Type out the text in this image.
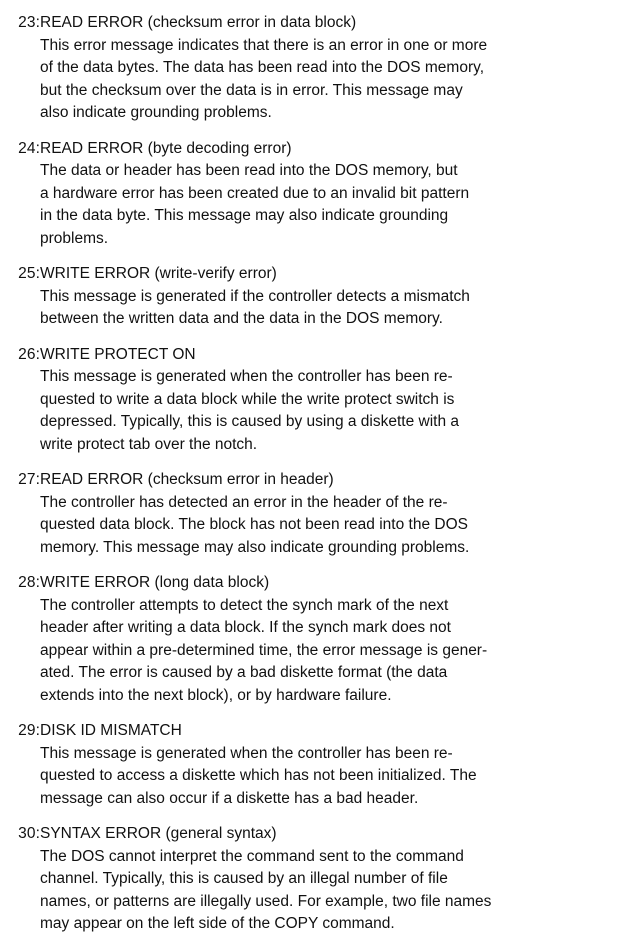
23: READ ERROR (checksum error in data block)
This error message indicates that there is an error in one or more
of the data bytes. The data has been read into the DOS memory,
but the checksum over the data is in error. This message may
also indicate grounding problems.
24: READ ERROR (byte decoding error)
The data or header has been read into the DOS memory, but
a hardware error has been created due to an invalid bit pattern
in the data byte. This message may also indicate grounding
problems.
25: WRITE ERROR (write-verify error)
This message is generated if the controller detects a mismatch
between the written data and the data in the DOS memory.
26: WRITE PROTECT ON
This message is generated when the controller has been re-
quested to write a data block while the write protect switch is
depressed. Typically, this is caused by using a diskette with a
write protect tab over the notch.
27: READ ERROR (checksum error in header)
The controller has detected an error in the header of the re-
quested data block. The block has not been read into the DOS
memory. This message may also indicate grounding problems.
28: WRITE ERROR (long data block)
The controller attempts to detect the synch mark of the next
header after writing a data block. If the synch mark does not
appear within a pre-determined time, the error message is gener-
ated. The error is caused by a bad diskette format (the data
extends into the next block), or by hardware failure.
29: DISK ID MISMATCH
This message is generated when the controller has been re-
quested to access a diskette which has not been initialized. The
message can also occur if a diskette has a bad header.
30: SYNTAX ERROR (general syntax)
The DOS cannot interpret the command sent to the command
channel. Typically, this is caused by an illegal number of file
names, or patterns are illegally used. For example, two file names
may appear on the left side of the COPY command.
